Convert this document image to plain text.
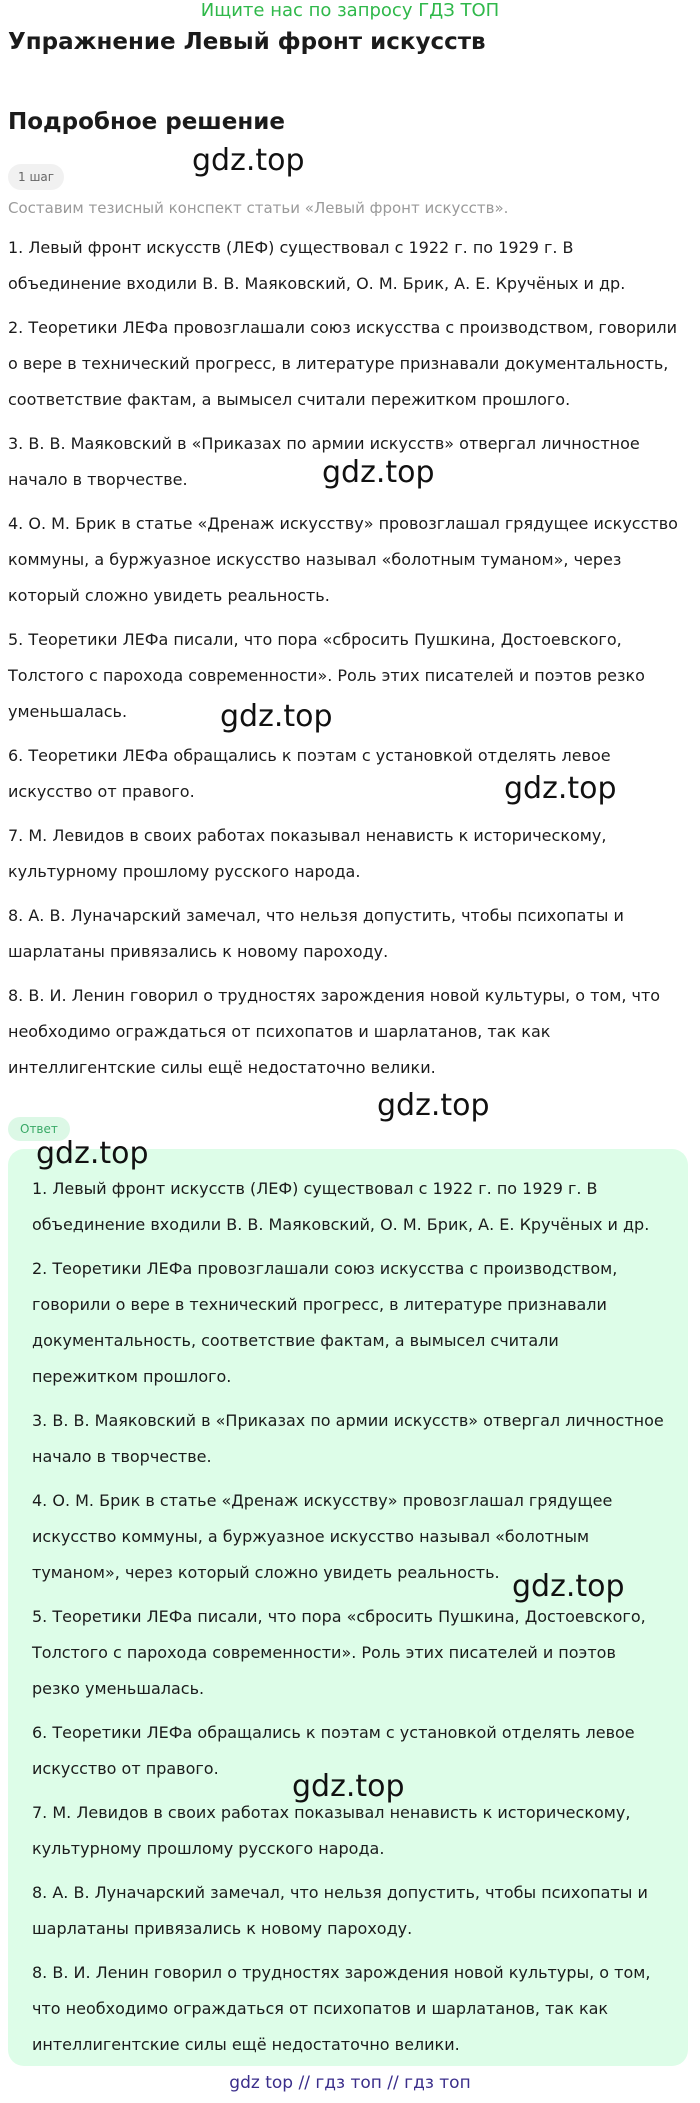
Ищите нас по запросу ГДЗ ТОП
Упражнение Левый фронт искусств
Подробное решение
1 шаг
Составим тезисный конспект статьи «Левый фронт искусств».

1. Левый фронт искусств (ЛЕФ) существовал с 1922 г. по 1929 г. В объединение входили В. В. Маяковский, О. М. Брик, А. Е. Кручёных и др.

2. Теоретики ЛЕФа провозглашали союз искусства с производством, говорили о вере в технический прогресс, в литературе признавали документальность, соответствие фактам, а вымысел считали пережитком прошлого.

3. В. В. Маяковский в «Приказах по армии искусств» отвергал личностное начало в творчестве.

4. О. М. Брик в статье «Дренаж искусству» провозглашал грядущее искусство коммуны, а буржуазное искусство называл «болотным туманом», через который сложно увидеть реальность.

5. Теоретики ЛЕФа писали, что пора «сбросить Пушкина, Достоевского, Толстого с парохода современности». Роль этих писателей и поэтов резко уменьшалась.

6. Теоретики ЛЕФа обращались к поэтам с установкой отделять левое искусство от правого.

7. М. Левидов в своих работах показывал ненависть к историческому, культурному прошлому русского народа.

8. А. В. Луначарский замечал, что нельзя допустить, чтобы психопаты и шарлатаны привязались к новому пароходу.

8. В. И. Ленин говорил о трудностях зарождения новой культуры, о том, что необходимо ограждаться от психопатов и шарлатанов, так как интеллигентские силы ещё недостаточно велики.

Ответ

1. Левый фронт искусств (ЛЕФ) существовал с 1922 г. по 1929 г. В объединение входили В. В. Маяковский, О. М. Брик, А. Е. Кручёных и др.

2. Теоретики ЛЕФа провозглашали союз искусства с производством, говорили о вере в технический прогресс, в литературе признавали документальность, соответствие фактам, а вымысел считали пережитком прошлого.

3. В. В. Маяковский в «Приказах по армии искусств» отвергал личностное начало в творчестве.

4. О. М. Брик в статье «Дренаж искусству» провозглашал грядущее искусство коммуны, а буржуазное искусство называл «болотным туманом», через который сложно увидеть реальность.

5. Теоретики ЛЕФа писали, что пора «сбросить Пушкина, Достоевского, Толстого с парохода современности». Роль этих писателей и поэтов резко уменьшалась.

6. Теоретики ЛЕФа обращались к поэтам с установкой отделять левое искусство от правого.

7. М. Левидов в своих работах показывал ненависть к историческому, культурному прошлому русского народа.

8. А. В. Луначарский замечал, что нельзя допустить, чтобы психопаты и шарлатаны привязались к новому пароходу.

8. В. И. Ленин говорил о трудностях зарождения новой культуры, о том, что необходимо ограждаться от психопатов и шарлатанов, так как интеллигентские силы ещё недостаточно велики.

gdz.top
gdz.top
gdz.top
gdz.top
gdz.top
gdz.top
gdz.top
gdz.top
gdz top // гдз топ // гдз топ
